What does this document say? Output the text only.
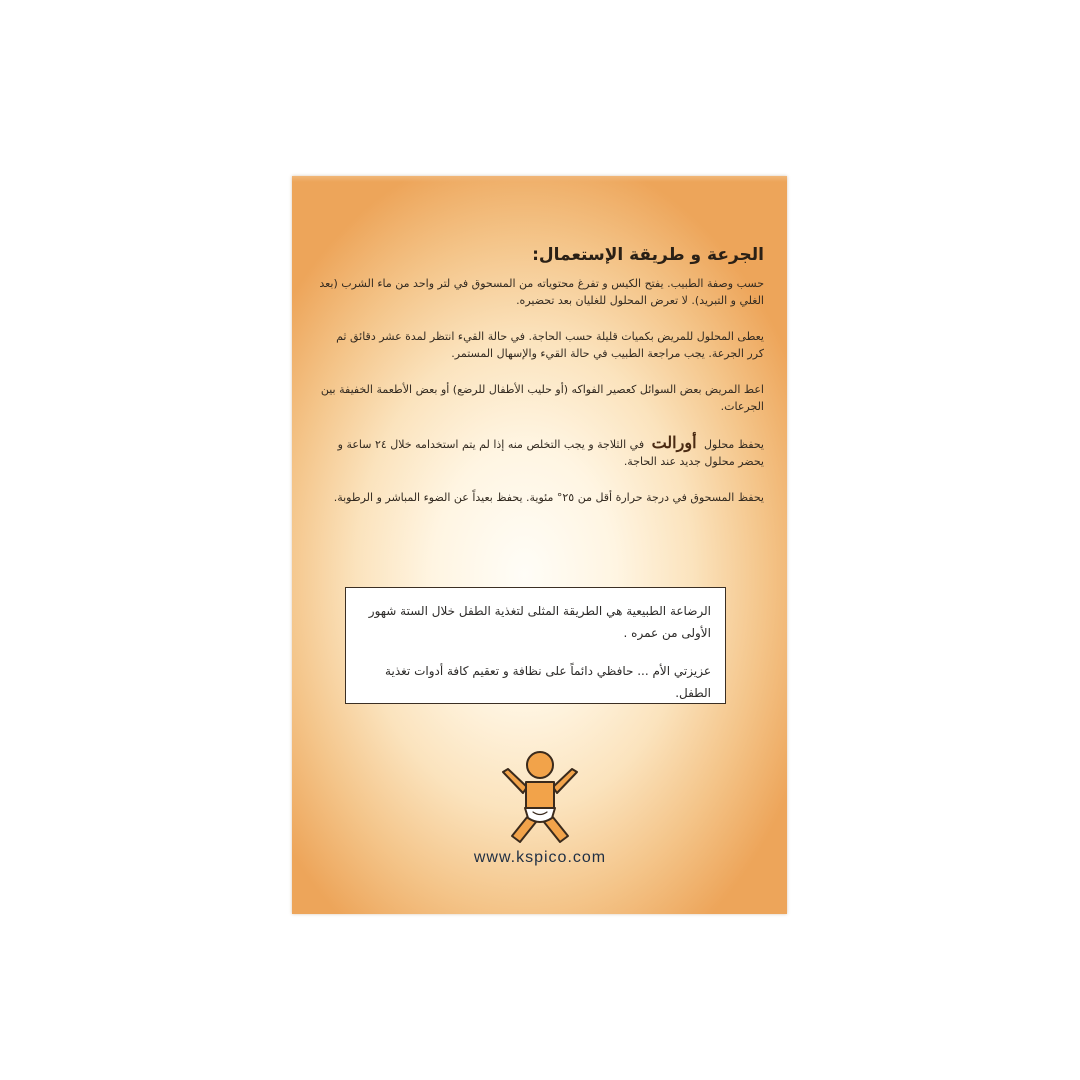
الجرعة و طريقة الإستعمال:

حسب وصفة الطبيب. يفتح الكيس و تفرغ محتوياته من المسحوق في لتر واحد من ماء الشرب (بعد الغلي و التبريد). لا تعرض المحلول للغليان بعد تحضيره.

يعطى المحلول للمريض بكميات قليلة حسب الحاجة. في حالة القيء انتظر لمدة عشر دقائق ثم كرر الجرعة. يجب مراجعة الطبيب في حالة القيء والإسهال المستمر.

اعط المريض بعض السوائل كعصير الفواكه (أو حليب الأطفال للرضع) أو بعض الأطعمة الخفيفة بين الجرعات.

يحفظ محلول أورالت في الثلاجة و يجب التخلص منه إذا لم يتم استخدامه خلال ٢٤ ساعة و يحضر محلول جديد عند الحاجة.

يحفظ المسحوق في درجة حرارة أقل من ٢٥° مئوية. يحفظ بعيداً عن الضوء المباشر و الرطوبة.

الرضاعة الطبيعية هي الطريقة المثلى لتغذية الطفل خلال الستة شهور الأولى من عمره .

عزيزتي الأم ... حافظي دائماً على نظافة و تعقيم كافة أدوات تغذية الطفل.

www.kspico.com
